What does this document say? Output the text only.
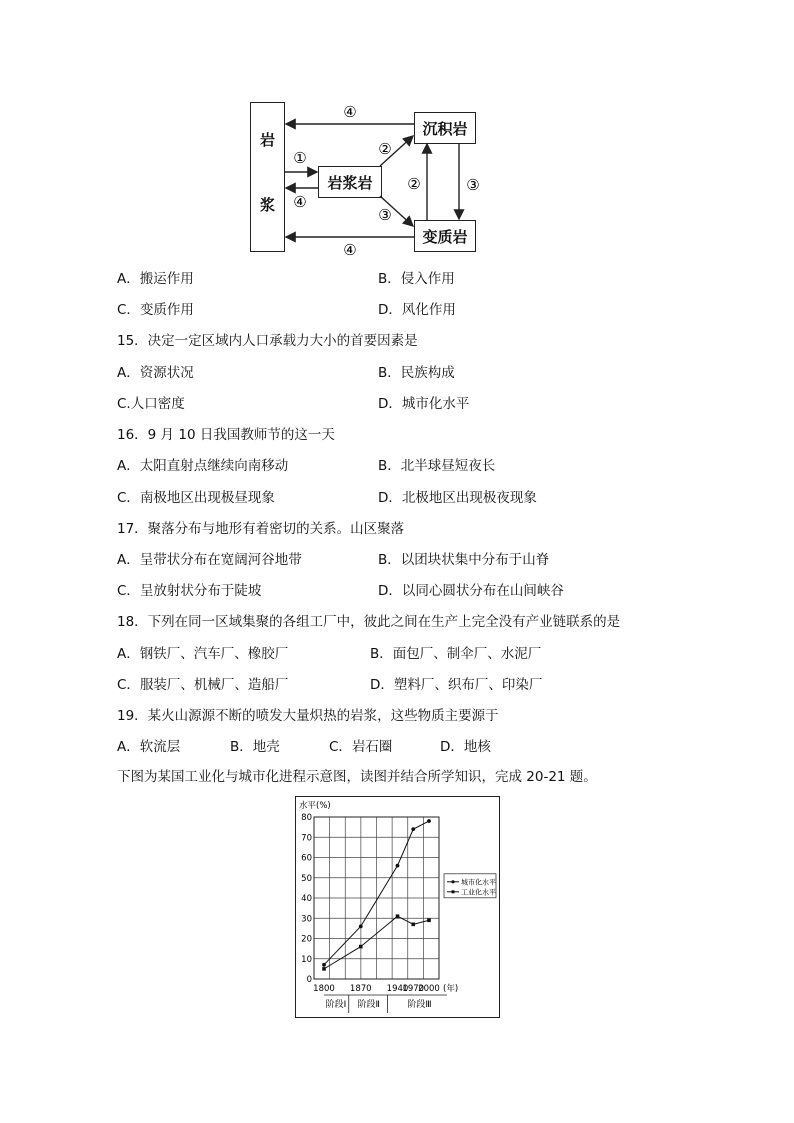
岩
浆
岩浆岩
沉积岩
变质岩
④
①
④
②
③
②	③
④
A．搬运作用	B．侵入作用
C．变质作用	D．风化作用
15．决定一定区域内人口承载力大小的首要因素是
A．资源状况	B．民族构成
C.人口密度	D．城市化水平
16．9 月 10 日我国教师节的这一天
A．太阳直射点继续向南移动	B．北半球昼短夜长
C．南极地区出现极昼现象	D．北极地区出现极夜现象
17．聚落分布与地形有着密切的关系。山区聚落
A．呈带状分布在宽阔河谷地带	B．以团块状集中分布于山脊
C．呈放射状分布于陡坡	D．以同心圆状分布在山间峡谷
18．下列在同一区域集聚的各组工厂中，彼此之间在生产上完全没有产业链联系的是
A．钢铁厂、汽车厂、橡胶厂	B．面包厂、制伞厂、水泥厂
C．服装厂、机械厂、造船厂	D．塑料厂、织布厂、印染厂
19．某火山源源不断的喷发大量炽热的岩浆，这些物质主要源于
A．软流层	B．地壳	C．岩石圈	D．地核
下图为某国工业化与城市化进程示意图，读图并结合所学知识，完成 20-21 题。
0
10
20
30
40
50
60
70
80
水平(%)
1800 1870 1940
1970
2000 (年)
阶段Ⅰ 阶段Ⅱ	阶段Ⅲ
城市化水平
工业化水平
